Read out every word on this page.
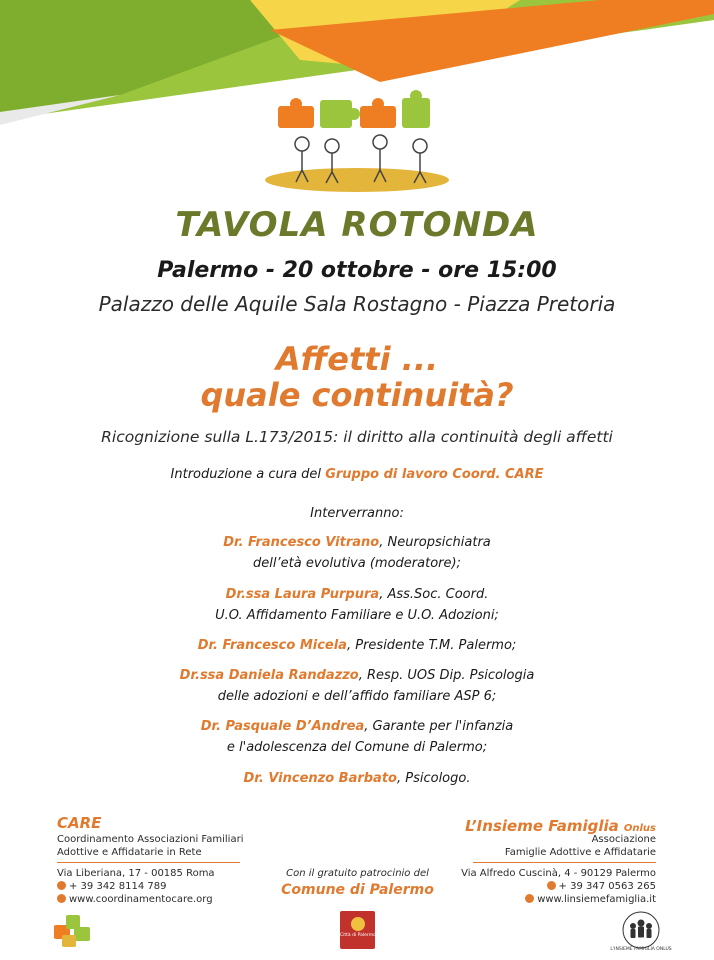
TAVOLA ROTONDA
Palermo - 20 ottobre - ore 15:00
Palazzo delle Aquile Sala Rostagno - Piazza Pretoria
Affetti ...
quale continuità?
Ricognizione sulla L.173/2015: il diritto alla continuità degli affetti
Introduzione a cura del Gruppo di lavoro Coord. CARE
Interverranno:
Dr. Francesco Vitrano, Neuropsichiatra
dell’età evolutiva (moderatore);
Dr.ssa Laura Purpura, Ass.Soc. Coord.
U.O. Affidamento Familiare e U.O. Adozioni;
Dr. Francesco Micela, Presidente T.M. Palermo;
Dr.ssa Daniela Randazzo, Resp. UOS Dip. Psicologia
delle adozioni e dell’affido familiare ASP 6;
Dr. Pasquale D’Andrea, Garante per l'infanzia
e l'adolescenza del Comune di Palermo;
Dr. Vincenzo Barbato, Psicologo.
CARE
Coordinamento Associazioni Familiari
Adottive e Affidatarie in Rete
Via Liberiana, 17 - 00185 Roma
+ 39 342 8114 789
www.coordinamentocare.org
Con il gratuito patrocinio del
Comune di Palermo
Città di Palermo
L’Insieme Famiglia Onlus
Associazione
Famiglie Adottive e Affidatarie
Via Alfredo Cuscinà, 4 - 90129 Palermo
+ 39 347 0563 265
www.linsiemefamiglia.it
L'INSIEME FAMIGLIA ONLUS
